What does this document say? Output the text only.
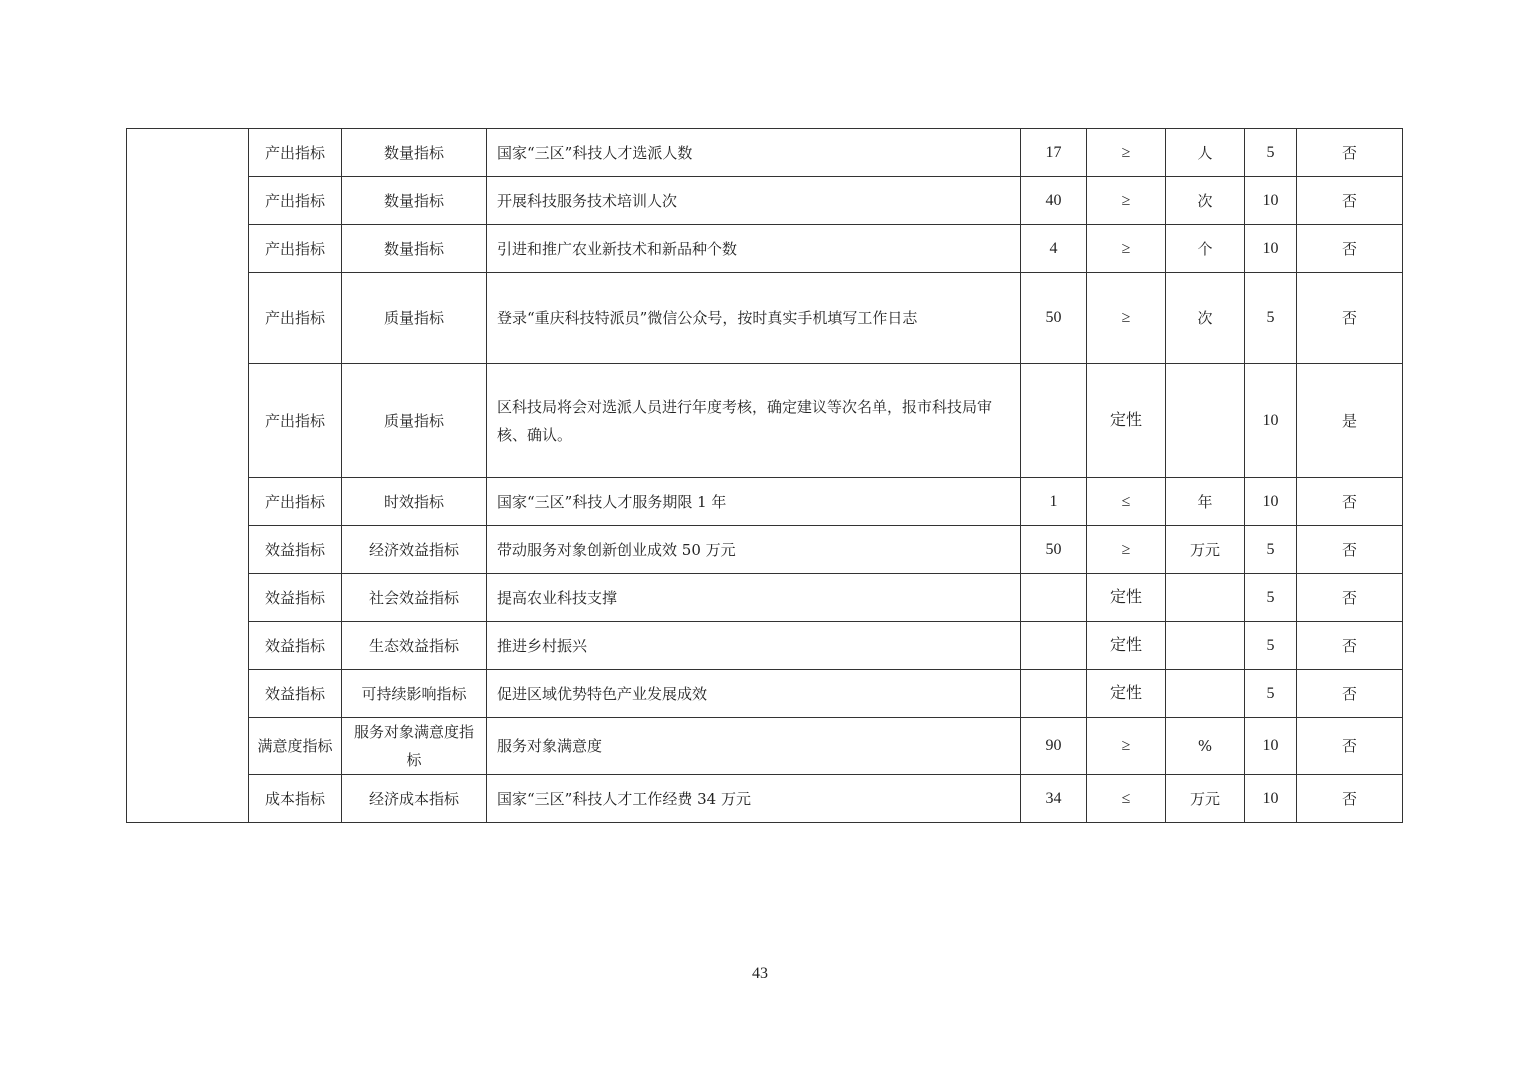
	产出指标	数量指标	国家“三区”科技人才选派人数	17	≥	人	5	否
	产出指标	数量指标	开展科技服务技术培训人次	40	≥	次	10	否
	产出指标	数量指标	引进和推广农业新技术和新品种个数	4	≥	个	10	否
	产出指标	质量指标	登录“重庆科技特派员”微信公众号，按时真实手机填写工作日志	50	≥	次	5	否
	产出指标	质量指标	区科技局将会对选派人员进行年度考核，确定建议等次名单，报市科技局审核、确认。		定性		10	是
	产出指标	时效指标	国家“三区”科技人才服务期限 1 年	1	≤	年	10	否
	效益指标	经济效益指标	带动服务对象创新创业成效 50 万元	50	≥	万元	5	否
	效益指标	社会效益指标	提高农业科技支撑		定性		5	否
	效益指标	生态效益指标	推进乡村振兴		定性		5	否
	效益指标	可持续影响指标	促进区域优势特色产业发展成效		定性		5	否
	满意度指标	服务对象满意度指标	服务对象满意度	90	≥	%	10	否
	成本指标	经济成本指标	国家“三区”科技人才工作经费 34 万元	34	≤	万元	10	否
43
